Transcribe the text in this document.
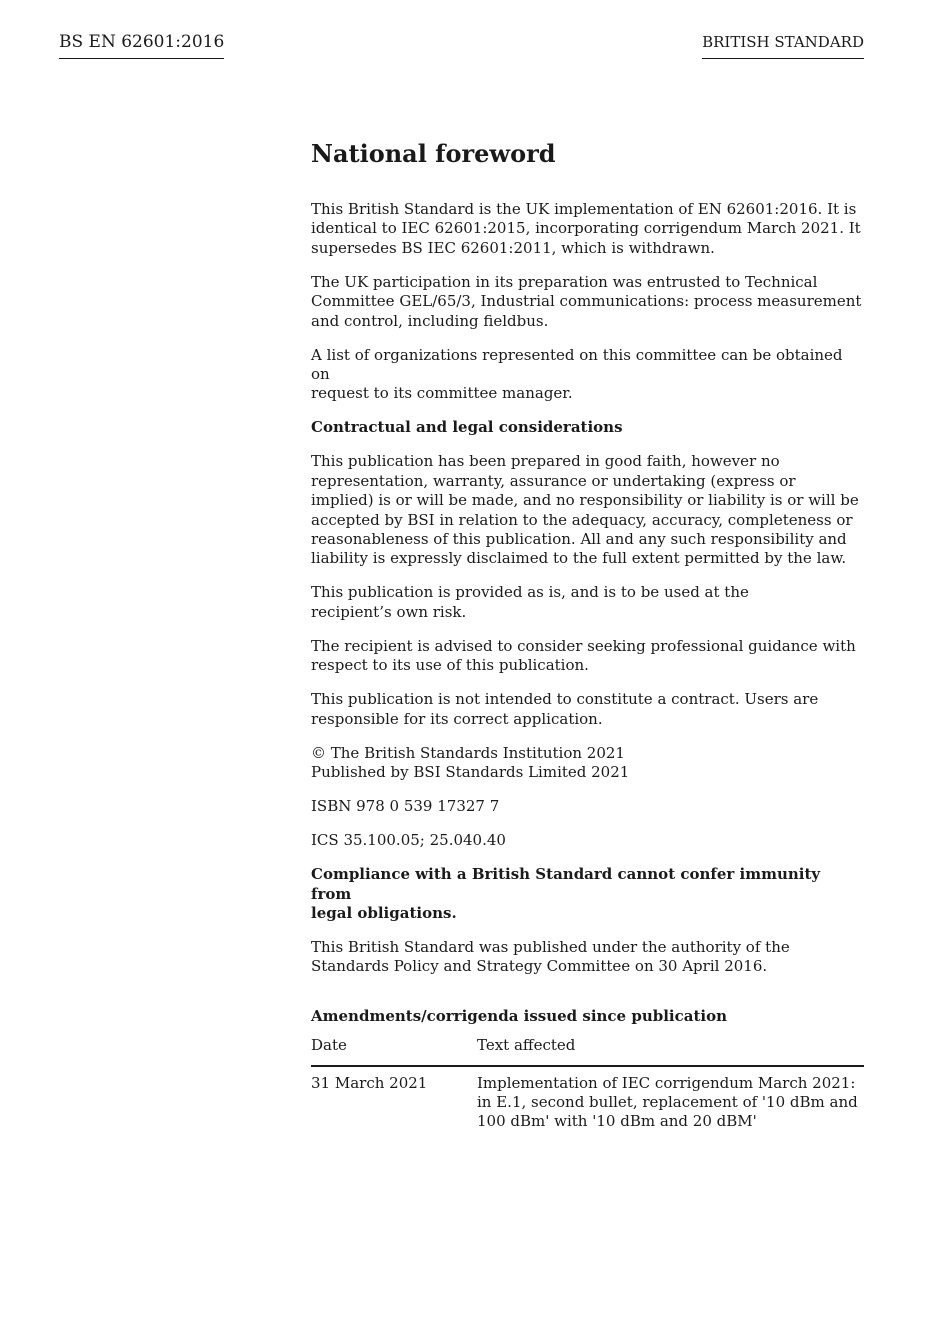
BS EN 62601:2016	BRITISH STANDARD
National foreword
This British Standard is the UK implementation of EN 62601:2016. It is
identical to IEC 62601:2015, incorporating corrigendum March 2021. It
supersedes BS IEC 62601:2011, which is withdrawn.
The UK participation in its preparation was entrusted to Technical
Committee GEL/65/3, Industrial communications: process measurement
and control, including fieldbus.
A list of organizations represented on this committee can be obtained on
request to its committee manager.
Contractual and legal considerations
This publication has been prepared in good faith, however no
representation, warranty, assurance or undertaking (express or
implied) is or will be made, and no responsibility or liability is or will be
accepted by BSI in relation to the adequacy, accuracy, completeness or
reasonableness of this publication. All and any such responsibility and
liability is expressly disclaimed to the full extent permitted by the law.
This publication is provided as is, and is to be used at the
recipient’s own risk.
The recipient is advised to consider seeking professional guidance with
respect to its use of this publication.
This publication is not intended to constitute a contract. Users are
responsible for its correct application.
© The British Standards Institution 2021
Published by BSI Standards Limited 2021
ISBN 978 0 539 17327 7
ICS 35.100.05; 25.040.40
Compliance with a British Standard cannot confer immunity from
legal obligations.
This British Standard was published under the authority of the
Standards Policy and Strategy Committee on 30 April 2016.
Amendments/corrigenda issued since publication
Date	Text affected
31 March 2021	Implementation of IEC corrigendum March 2021:
in E.1, second bullet, replacement of '10 dBm and
100 dBm' with '10 dBm and 20 dBM'
